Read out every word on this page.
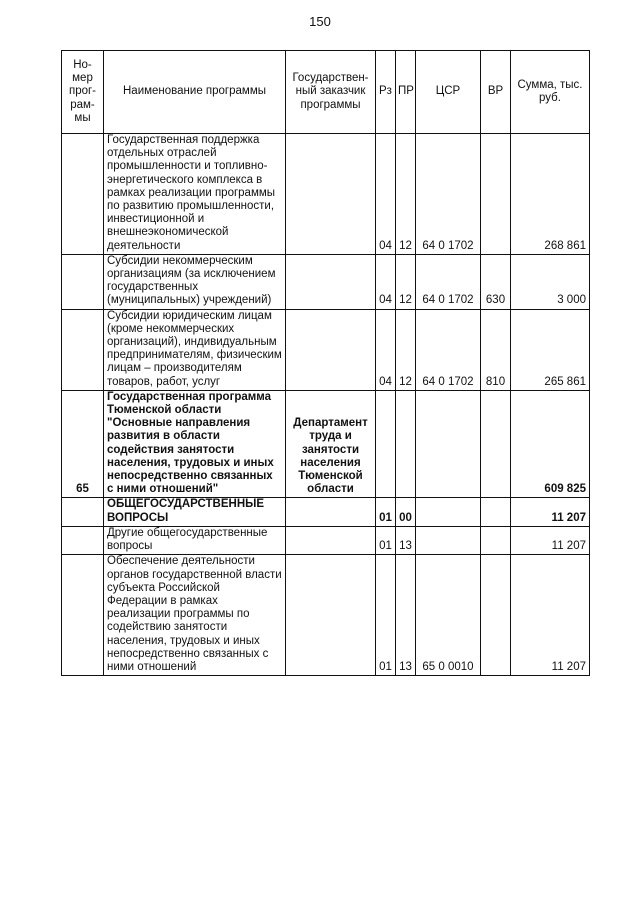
150
Но-мер прог-рам-мы	Наименование программы	Государствен-ный заказчик программы	Рз	ПР	ЦСР	ВР	Сумма, тыс. руб.
	Государственная поддержка отдельных отраслей промышленности и топливно-энергетического комплекса в рамках реализации программы по развитию промышленности, инвестиционной и внешнеэкономической деятельности		04	12	64 0 1702		268 861
	Субсидии некоммерческим организациям (за исключением государственных (муниципальных) учреждений)		04	12	64 0 1702	630	3 000
	Субсидии юридическим лицам (кроме некоммерческих организаций), индивидуальным предпринимателям, физическим лицам – производителям товаров, работ, услуг		04	12	64 0 1702	810	265 861
65	Государственная программа Тюменской области "Основные направления развития в области содействия занятости населения, трудовых и иных непосредственно связанных с ними отношений"	Департамент труда и занятости населения Тюменской области					609 825
	ОБЩЕГОСУДАРСТВЕННЫЕ ВОПРОСЫ		01	00			11 207
	Другие общегосударственные вопросы		01	13			11 207
	Обеспечение деятельности органов государственной власти субъекта Российской Федерации в рамках реализации программы по содействию занятости населения, трудовых и иных непосредственно связанных с ними отношений		01	13	65 0 0010		11 207
